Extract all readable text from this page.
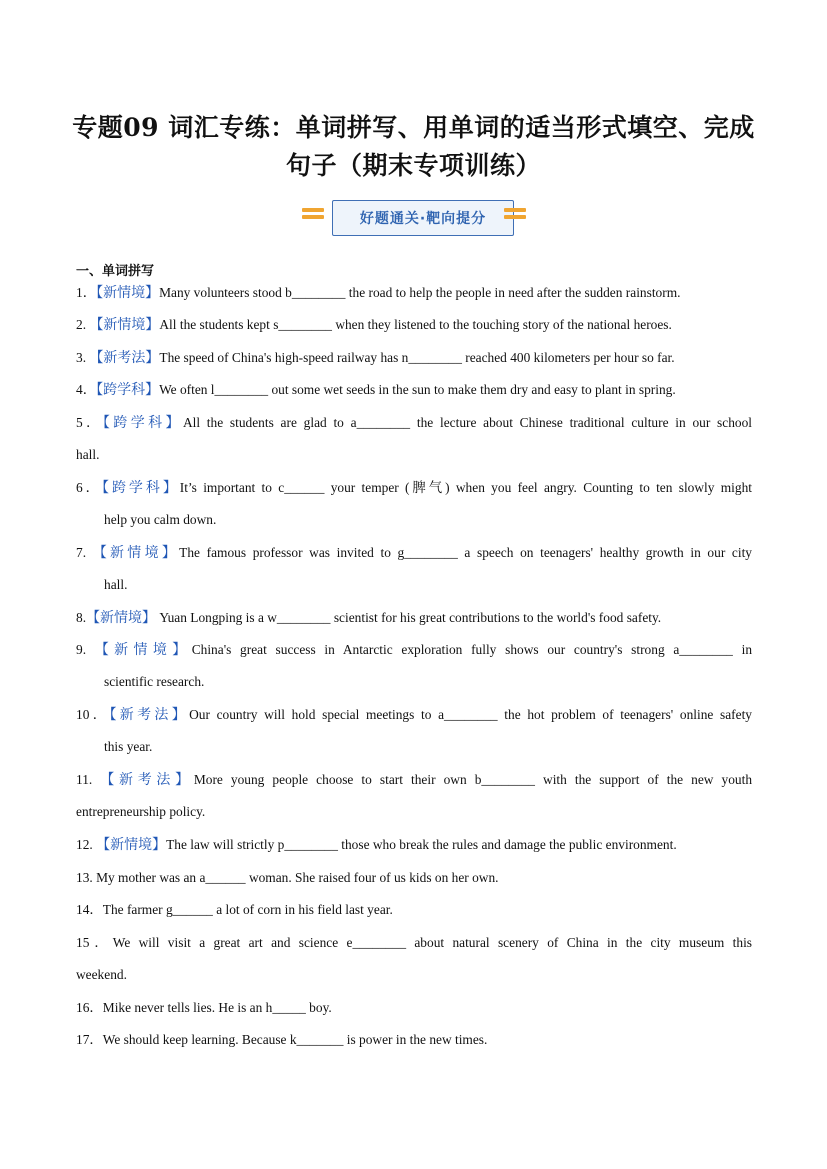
专题09 词汇专练：单词拼写、用单词的适当形式填空、完成
句子（期末专项训练）
好题通关·靶向提分
一、单词拼写
1．【新情境】Many volunteers stood b________ the road to help the people in need after the sudden rainstorm.
2. 【新情境】All the students kept s________ when they listened to the touching story of the national heroes.
3. 【新考法】The speed of China's high-speed railway has n________ reached 400 kilometers per hour so far.
4．【跨学科】We often l________ out some wet seeds in the sun to make them dry and easy to plant in spring.
5．【跨学科】All the students are glad to a________ the lecture about Chinese traditional culture in our school
hall.
6．【跨学科】It’s important to c______ your temper (脾气) when you feel angry. Counting to ten slowly might
help you calm down.
7. 【新情境】The famous professor was invited to g________ a speech on teenagers' healthy growth in our city
hall.
8.【新情境】 Yuan Longping is a w________ scientist for his great contributions to the world's food safety.
9. 【新情境】China's great success in Antarctic exploration fully shows our country's strong a________ in
scientific research.
10．【新考法】Our country will hold special meetings to a________ the hot problem of teenagers' online safety
this year.
11. 【新考法】More young people choose to start their own b________ with the support of the new youth
entrepreneurship policy.
12. 【新情境】The law will strictly p________ those who break the rules and damage the public environment.
13. My mother was an a______ woman. She raised four of us kids on her own.
14．The farmer g______ a lot of corn in his field last year.
15．We will visit a great art and science e________ about natural scenery of China in the city museum this
weekend.
16．Mike never tells lies. He is an h_____ boy.
17．We should keep learning. Because k_______ is power in the new times.
